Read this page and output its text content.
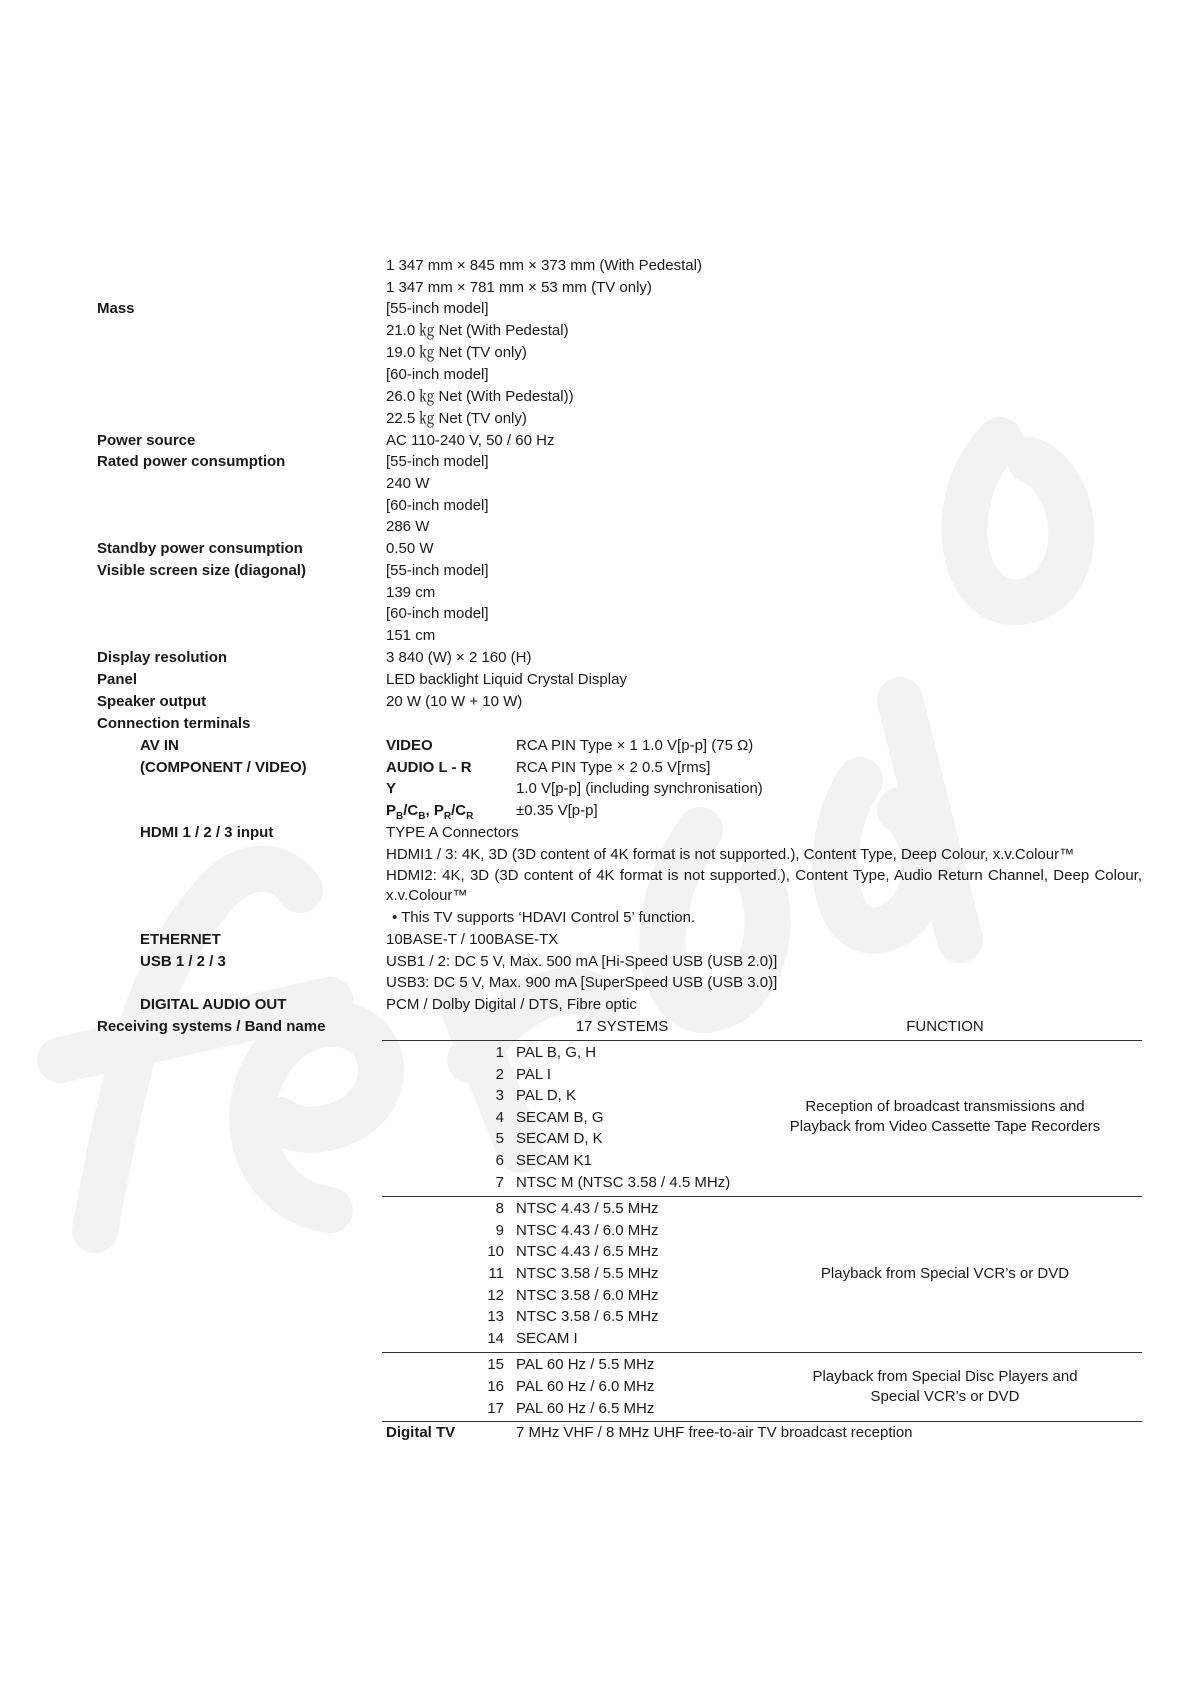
1 347 mm × 845 mm × 373 mm (With Pedestal)
1 347 mm × 781 mm × 53 mm (TV only)
Mass	[55-inch model]
21.0 ㎏ Net (With Pedestal)
19.0 ㎏ Net (TV only)
[60-inch model]
26.0 ㎏ Net (With Pedestal))
22.5 ㎏ Net (TV only)
Power source	AC 110-240 V, 50 / 60 Hz
Rated power consumption	[55-inch model]
240 W
[60-inch model]
286 W
Standby power consumption	0.50 W
Visible screen size (diagonal)	[55-inch model]
139 cm
[60-inch model]
151 cm
Display resolution	3 840 (W) × 2 160 (H)
Panel	LED backlight Liquid Crystal Display
Speaker output	20 W (10 W + 10 W)
Connection terminals
AV IN
(COMPONENT / VIDEO)
VIDEO	RCA PIN Type × 1 1.0 V[p-p] (75 Ω)
AUDIO L - R	RCA PIN Type × 2 0.5 V[rms]
Y	1.0 V[p-p] (including synchronisation)
$P_B/C_B$, $P_R/C_R$	±0.35 V[p-p]
HDMI 1 / 2 / 3 input	TYPE A Connectors
HDMI1 / 3: 4K, 3D (3D content of 4K format is not supported.), Content Type, Deep Colour, x.v.Colour™
HDMI2: 4K, 3D (3D content of 4K format is not supported.), Content Type, Audio Return Channel, Deep Colour, x.v.Colour™
• This TV supports ‘HDAVI Control 5’ function.
ETHERNET	10BASE-T / 100BASE-TX
USB 1 / 2 / 3	USB1 / 2: DC 5 V, Max. 500 mA [Hi-Speed USB (USB 2.0)]
USB3: DC 5 V, Max. 900 mA [SuperSpeed USB (USB 3.0)]
DIGITAL AUDIO OUT	PCM / Dolby Digital / DTS, Fibre optic
Receiving systems / Band name	17 SYSTEMS	FUNCTION
1 PAL B, G, H
2 PAL I
3 PAL D, K
4 SECAM B, G
5 SECAM D, K
6 SECAM K1
7 NTSC M (NTSC 3.58 / 4.5 MHz)
Reception of broadcast transmissions and
Playback from Video Cassette Tape Recorders
8 NTSC 4.43 / 5.5 MHz
9 NTSC 4.43 / 6.0 MHz
10 NTSC 4.43 / 6.5 MHz
11 NTSC 3.58 / 5.5 MHz
12 NTSC 3.58 / 6.0 MHz
13 NTSC 3.58 / 6.5 MHz
14 SECAM I
Playback from Special VCR’s or DVD
15 PAL 60 Hz / 5.5 MHz
16 PAL 60 Hz / 6.0 MHz
17 PAL 60 Hz / 6.5 MHz
Playback from Special Disc Players and
Special VCR’s or DVD
Digital TV	7 MHz VHF / 8 MHz UHF free-to-air TV broadcast reception
